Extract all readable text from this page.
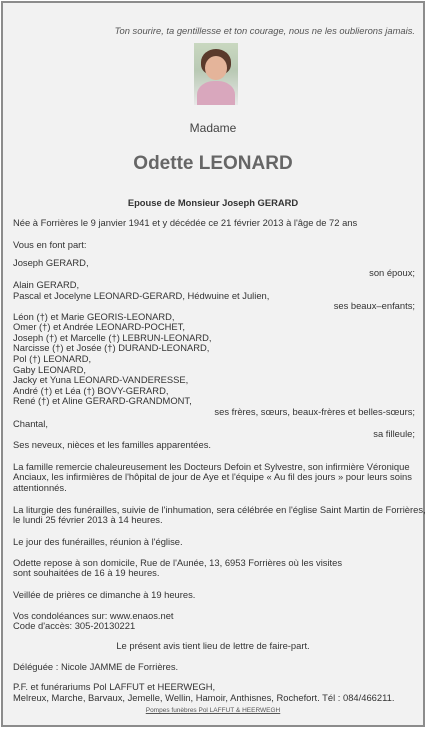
Ton sourire, ta gentillesse et ton courage, nous ne les oublierons jamais.
Madame
Odette LEONARD
Epouse de Monsieur Joseph GERARD
Née à Forrières le 9 janvier 1941 et y décédée ce 21 février 2013 à l'âge de 72 ans
Vous en font part:
Joseph GERARD,
son époux;
Alain GERARD,
Pascal et Jocelyne LEONARD-GERARD, Hédwuine et Julien,
ses beaux–enfants;
Léon (†) et Marie GEORIS-LEONARD,
Omer (†) et Andrée LEONARD-POCHET,
Joseph (†) et Marcelle (†) LEBRUN-LEONARD,
Narcisse (†) et Josée (†) DURAND-LEONARD,
Pol (†) LEONARD,
Gaby LEONARD,
Jacky et Yuna LEONARD-VANDERESSE,
André (†) et Léa (†) BOVY-GERARD,
René (†) et Aline GERARD-GRANDMONT,
ses frères, sœurs, beaux-frères et belles-sœurs;
Chantal,
sa filleule;
Ses neveux, nièces et les familles apparentées.
La famille remercie chaleureusement les Docteurs Defoin et Sylvestre, son infirmière Véronique
Anciaux, les infirmières de l'hôpital de jour de Aye et l'équipe « Au fil des jours » pour leurs soins
attentionnés.
La liturgie des funérailles, suivie de l'inhumation, sera célébrée en l'église Saint Martin de Forrières,
le lundi 25 février 2013 à 14 heures.
Le jour des funérailles, réunion à l'église.
Odette repose à son domicile, Rue de l'Aunée, 13, 6953 Forrières où les visites
sont souhaitées de 16 à 19 heures.
Veillée de prières ce dimanche à 19 heures.
Vos condoléances sur: www.enaos.net
Code d'accès: 305-20130221
Le présent avis tient lieu de lettre de faire-part.
Déléguée : Nicole JAMME de Forrières.
P.F. et funérariums Pol LAFFUT et HEERWEGH,
Melreux, Marche, Barvaux, Jemelle, Wellin, Hamoir, Anthisnes, Rochefort. Tél : 084/466211.
Pompes funèbres Pol LAFFUT & HEERWEGH
